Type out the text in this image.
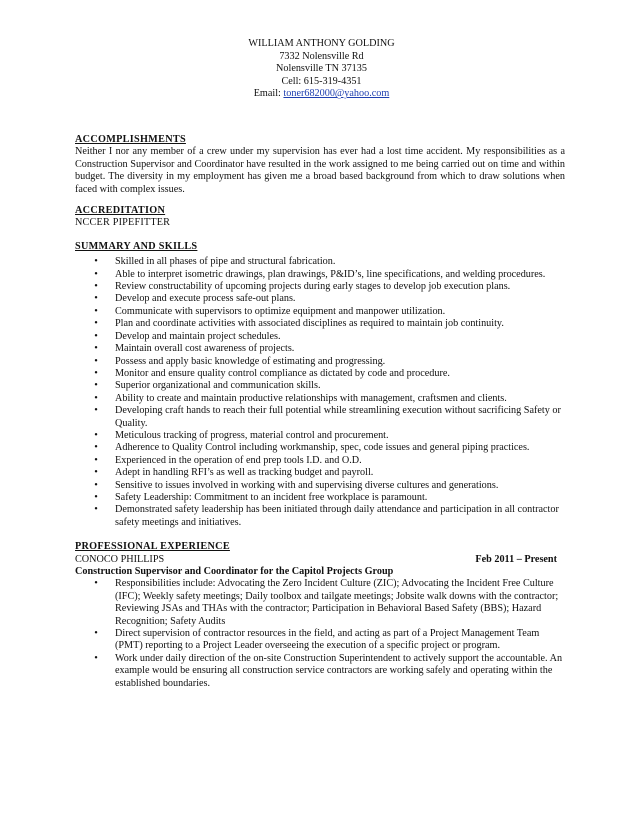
WILLIAM ANTHONY GOLDING
7332 Nolensville Rd
Nolensville TN 37135
Cell: 615-319-4351
Email: toner682000@yahoo.com

ACCOMPLISHMENTS

Neither I nor any member of a crew under my supervision has ever had a lost time accident. My responsibilities as a Construction Supervisor and Coordinator have resulted in the work assigned to me being carried out on time and within budget. The diversity in my employment has given me a broad based background from which to draw solutions when faced with complex issues.

ACCREDITATION

NCCER PIPEFITTER

SUMMARY AND SKILLS

• Skilled in all phases of pipe and structural fabrication.
• Able to interpret isometric drawings, plan drawings, P&ID’s, line specifications, and welding procedures.
• Review constructability of upcoming projects during early stages to develop job execution plans.
• Develop and execute process safe-out plans.
• Communicate with supervisors to optimize equipment and manpower utilization.
• Plan and coordinate activities with associated disciplines as required to maintain job continuity.
• Develop and maintain project schedules.
• Maintain overall cost awareness of projects.
• Possess and apply basic knowledge of estimating and progressing.
• Monitor and ensure quality control compliance as dictated by code and procedure.
• Superior organizational and communication skills.
• Ability to create and maintain productive relationships with management, craftsmen and clients.
• Developing craft hands to reach their full potential while streamlining execution without sacrificing Safety or Quality.
• Meticulous tracking of progress, material control and procurement.
• Adherence to Quality Control including workmanship, spec, code issues and general piping practices.
• Experienced in the operation of end prep tools I.D. and O.D.
• Adept in handling RFI’s as well as tracking budget and payroll.
• Sensitive to issues involved in working with and supervising diverse cultures and generations.
• Safety Leadership: Commitment to an incident free workplace is paramount.
• Demonstrated safety leadership has been initiated through daily attendance and participation in all contractor safety meetings and initiatives.

PROFESSIONAL EXPERIENCE

CONOCO PHILLIPS	Feb 2011 – Present

Construction Supervisor and Coordinator for the Capitol Projects Group

• Responsibilities include: Advocating the Zero Incident Culture (ZIC); Advocating the Incident Free Culture (IFC); Weekly safety meetings; Daily toolbox and tailgate meetings; Jobsite walk downs with the contractor; Reviewing JSAs and THAs with the contractor; Participation in Behavioral Based Safety (BBS); Hazard Recognition; Safety Audits
• Direct supervision of contractor resources in the field, and acting as part of a Project Management Team (PMT) reporting to a Project Leader overseeing the execution of a specific project or program.
• Work under daily direction of the on-site Construction Superintendent to actively support the accountable. An example would be ensuring all construction service contractors are working safely and operating within the established boundaries.
